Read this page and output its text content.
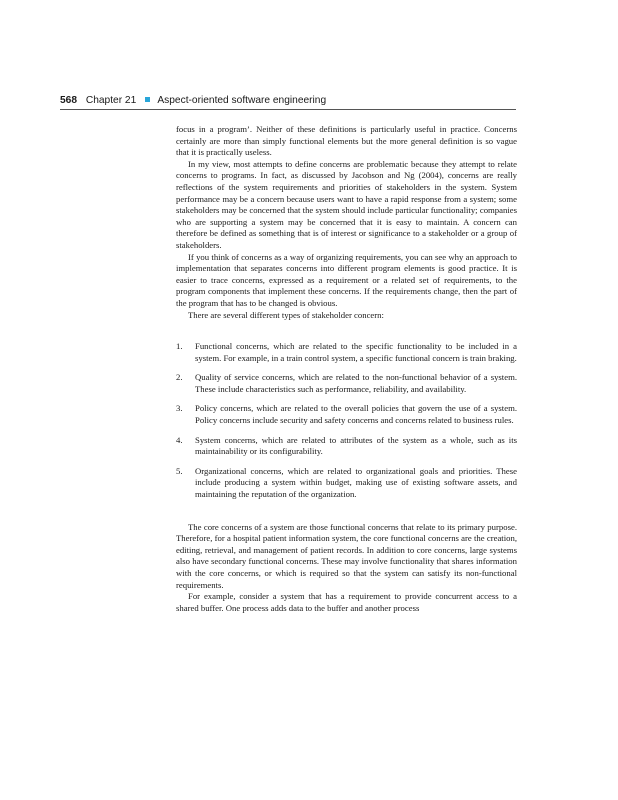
568 Chapter 21 Aspect-oriented software engineering

focus in a program’. Neither of these definitions is particularly useful in practice. Concerns certainly are more than simply functional elements but the more general definition is so vague that it is practically useless.

In my view, most attempts to define concerns are problematic because they attempt to relate concerns to programs. In fact, as discussed by Jacobson and Ng (2004), concerns are really reflections of the system requirements and priorities of stakeholders in the system. System performance may be a concern because users want to have a rapid response from a system; some stakeholders may be concerned that the system should include particular functionality; companies who are supporting a system may be concerned that it is easy to maintain. A concern can therefore be defined as something that is of interest or significance to a stakeholder or a group of stakeholders.

If you think of concerns as a way of organizing requirements, you can see why an approach to implementation that separates concerns into different program elements is good practice. It is easier to trace concerns, expressed as a requirement or a related set of requirements, to the program components that implement these concerns. If the requirements change, then the part of the program that has to be changed is obvious.

There are several different types of stakeholder concern:

1. Functional concerns, which are related to the specific functionality to be included in a system. For example, in a train control system, a specific functional concern is train braking.
2. Quality of service concerns, which are related to the non-functional behavior of a system. These include characteristics such as performance, reliability, and availability.
3. Policy concerns, which are related to the overall policies that govern the use of a system. Policy concerns include security and safety concerns and concerns related to business rules.
4. System concerns, which are related to attributes of the system as a whole, such as its maintainability or its configurability.
5. Organizational concerns, which are related to organizational goals and priorities. These include producing a system within budget, making use of existing software assets, and maintaining the reputation of the organization.

The core concerns of a system are those functional concerns that relate to its primary purpose. Therefore, for a hospital patient information system, the core functional concerns are the creation, editing, retrieval, and management of patient records. In addition to core concerns, large systems also have secondary functional concerns. These may involve functionality that shares information with the core concerns, or which is required so that the system can satisfy its non-functional requirements.

For example, consider a system that has a requirement to provide concurrent access to a shared buffer. One process adds data to the buffer and another process
